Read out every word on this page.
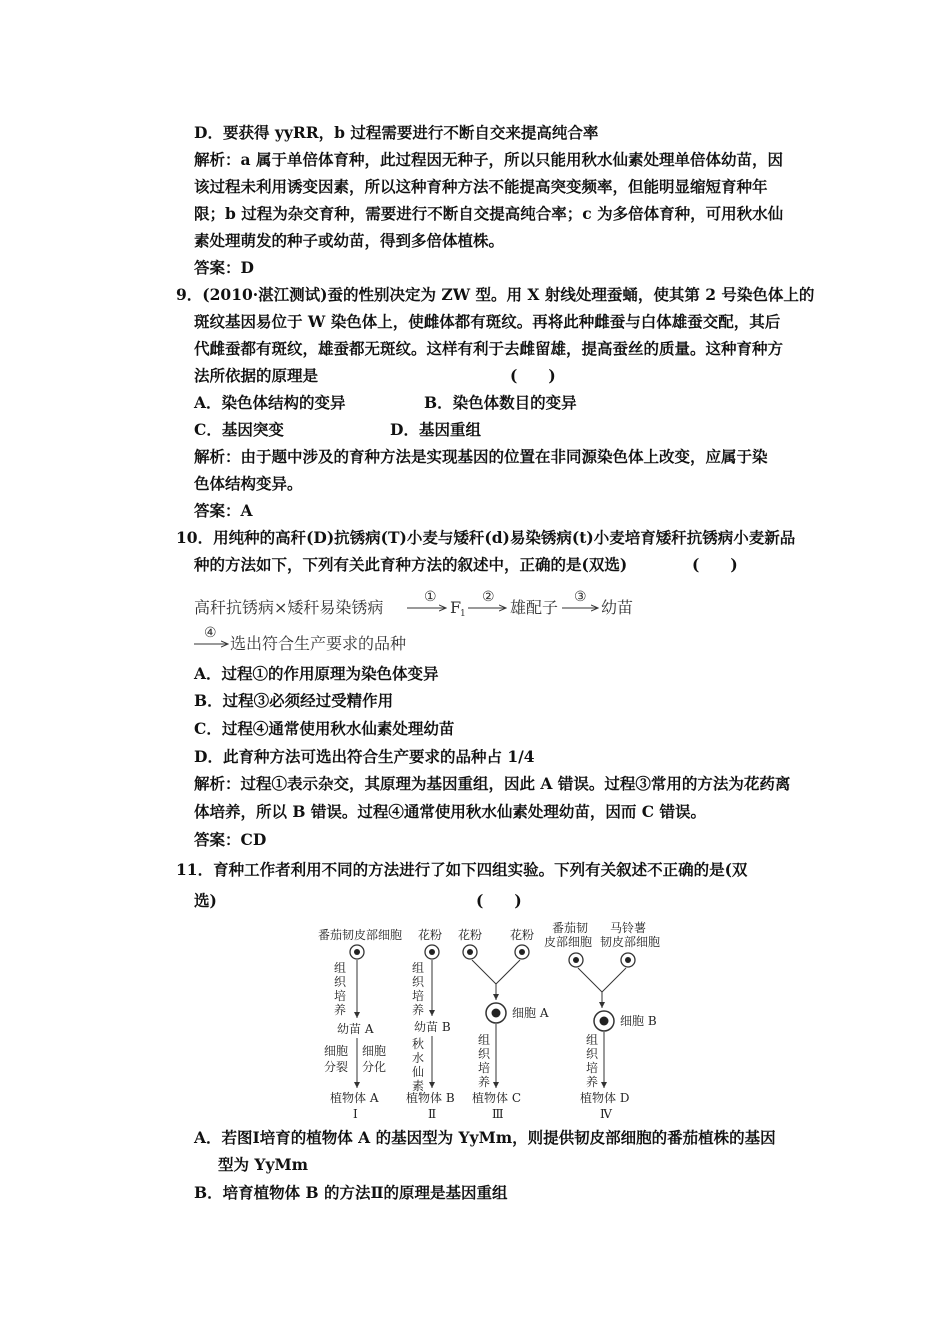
D．要获得 yyRR，b 过程需要进行不断自交来提高纯合率
解析：a 属于单倍体育种，此过程因无种子，所以只能用秋水仙素处理单倍体幼苗，因
该过程未利用诱变因素，所以这种育种方法不能提高突变频率，但能明显缩短育种年
限；b 过程为杂交育种，需要进行不断自交提高纯合率；c 为多倍体育种，可用秋水仙
素处理萌发的种子或幼苗，得到多倍体植株。
答案：D
9．(2010·湛江测试)蚕的性别决定为 ZW 型。用 X 射线处理蚕蛹，使其第 2 号染色体上的
斑纹基因易位于 W 染色体上，使雌体都有斑纹。再将此种雌蚕与白体雄蚕交配，其后
代雌蚕都有斑纹，雄蚕都无斑纹。这样有利于去雌留雄，提高蚕丝的质量。这种育种方
法所依据的原理是	(　　)
A．染色体结构的变异	B．染色体数目的变异
C．基因突变	D．基因重组
解析：由于题中涉及的育种方法是实现基因的位置在非同源染色体上改变，应属于染
色体结构变异。
答案：A
10．用纯种的高秆(D)抗锈病(T)小麦与矮秆(d)易染锈病(t)小麦培育矮秆抗锈病小麦新品
种的方法如下，下列有关此育种方法的叙述中，正确的是(双选)	(　　)
高秆抗锈病×矮秆易染锈病
①
F
1
②
雄配子
③
幼苗
④
选出符合生产要求的品种
A．过程①的作用原理为染色体变异
B．过程③必须经过受精作用
C．过程④通常使用秋水仙素处理幼苗
D．此育种方法可选出符合生产要求的品种占 1/4
解析：过程①表示杂交，其原理为基因重组，因此 A 错误。过程③常用的方法为花药离
体培养，所以 B 错误。过程④通常使用秋水仙素处理幼苗，因而 C 错误。
答案：CD
11．育种工作者利用不同的方法进行了如下四组实验。下列有关叙述不正确的是(双
选)	(　　)
番茄韧皮部细胞
组
织
培
养
幼苗 A
细胞
分裂
细胞
分化
植物体 A
Ⅰ
花粉
组
织
培
养
幼苗 B
秋
水
仙
素
植物体 B
Ⅱ
花粉 花粉
细胞 A
组
织
培
养
植物体 C
Ⅲ
番茄韧
皮部细胞
马铃薯
韧皮部细胞
细胞 B
组
织
培
养
植物体 D
Ⅳ
A．若图Ⅰ培育的植物体 A 的基因型为 YyMm，则提供韧皮部细胞的番茄植株的基因
型为 YyMm
B．培育植物体 B 的方法Ⅱ的原理是基因重组
